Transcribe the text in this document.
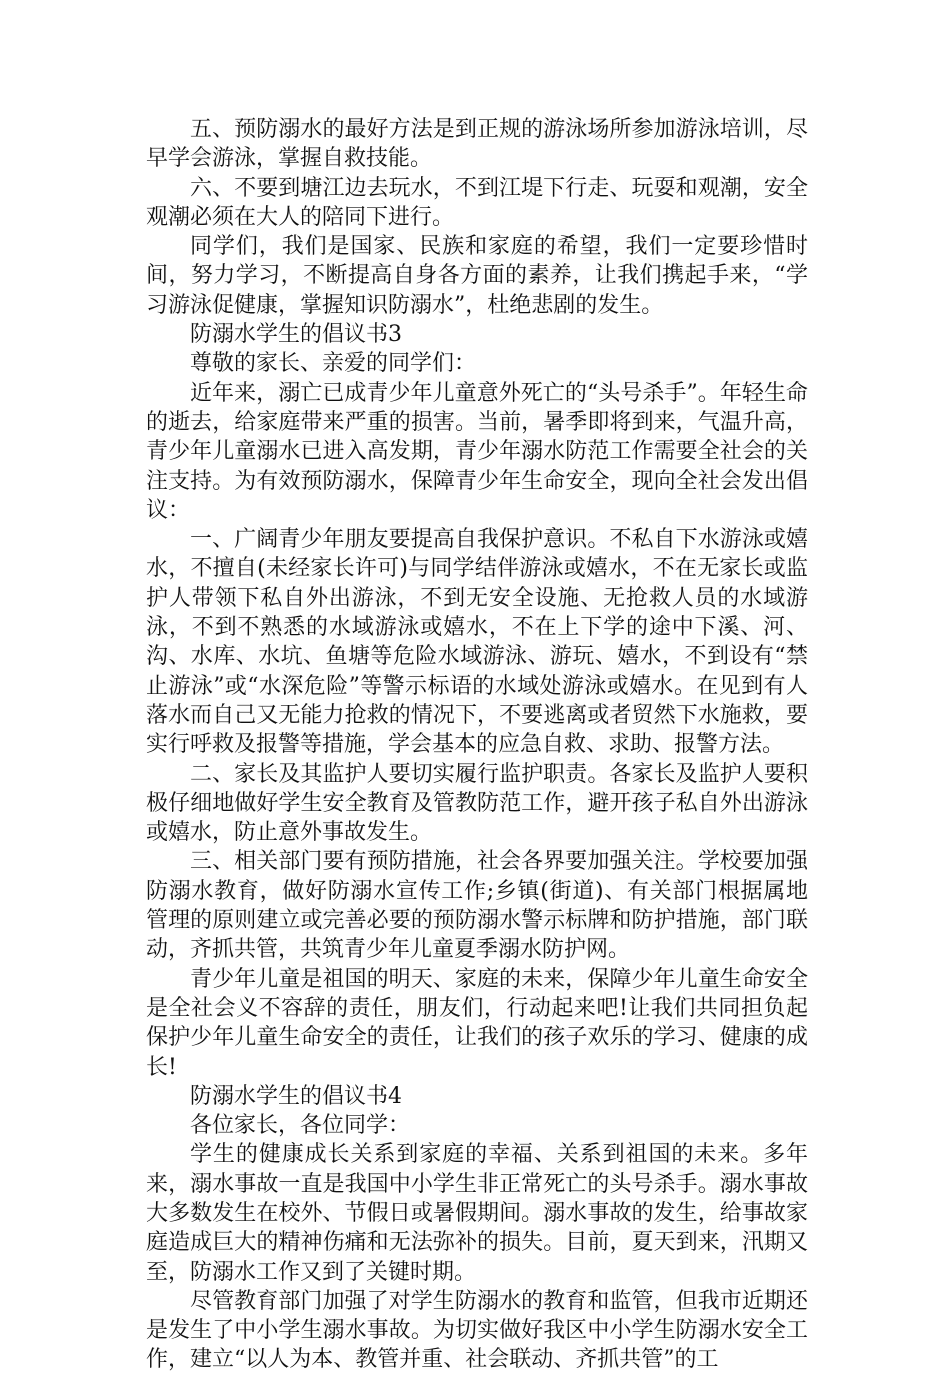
五、预防溺水的最好方法是到正规的游泳场所参加游泳培训，尽早学会游泳，掌握自救技能。

六、不要到塘江边去玩水，不到江堤下行走、玩耍和观潮，安全观潮必须在大人的陪同下进行。

同学们，我们是国家、民族和家庭的希望，我们一定要珍惜时间，努力学习，不断提高自身各方面的素养，让我们携起手来，“学习游泳促健康，掌握知识防溺水”，杜绝悲剧的发生。

防溺水学生的倡议书3

尊敬的家长、亲爱的同学们：

近年来，溺亡已成青少年儿童意外死亡的“头号杀手”。年轻生命的逝去，给家庭带来严重的损害。当前，暑季即将到来，气温升高，青少年儿童溺水已进入高发期，青少年溺水防范工作需要全社会的关注支持。为有效预防溺水，保障青少年生命安全，现向全社会发出倡议：

一、广阔青少年朋友要提高自我保护意识。不私自下水游泳或嬉水，不擅自(未经家长许可)与同学结伴游泳或嬉水，不在无家长或监护人带领下私自外出游泳，不到无安全设施、无抢救人员的水域游泳，不到不熟悉的水域游泳或嬉水，不在上下学的途中下溪、河、沟、水库、水坑、鱼塘等危险水域游泳、游玩、嬉水，不到设有“禁止游泳”或“水深危险”等警示标语的水域处游泳或嬉水。在见到有人落水而自己又无能力抢救的情况下，不要逃离或者贸然下水施救，要实行呼救及报警等措施，学会基本的应急自救、求助、报警方法。

二、家长及其监护人要切实履行监护职责。各家长及监护人要积极仔细地做好学生安全教育及管教防范工作，避开孩子私自外出游泳或嬉水，防止意外事故发生。

三、相关部门要有预防措施，社会各界要加强关注。学校要加强防溺水教育，做好防溺水宣传工作;乡镇(街道)、有关部门根据属地管理的原则建立或完善必要的预防溺水警示标牌和防护措施，部门联动，齐抓共管，共筑青少年儿童夏季溺水防护网。

青少年儿童是祖国的明天、家庭的未来，保障少年儿童生命安全是全社会义不容辞的责任，朋友们，行动起来吧!让我们共同担负起保护少年儿童生命安全的责任，让我们的孩子欢乐的学习、健康的成长!

防溺水学生的倡议书4

各位家长，各位同学：

学生的健康成长关系到家庭的幸福、关系到祖国的未来。多年来，溺水事故一直是我国中小学生非正常死亡的头号杀手。溺水事故大多数发生在校外、节假日或暑假期间。溺水事故的发生，给事故家庭造成巨大的精神伤痛和无法弥补的损失。目前，夏天到来，汛期又至，防溺水工作又到了关键时期。

尽管教育部门加强了对学生防溺水的教育和监管，但我市近期还是发生了中小学生溺水事故。为切实做好我区中小学生防溺水安全工作，建立“以人为本、教管并重、社会联动、齐抓共管”的工
